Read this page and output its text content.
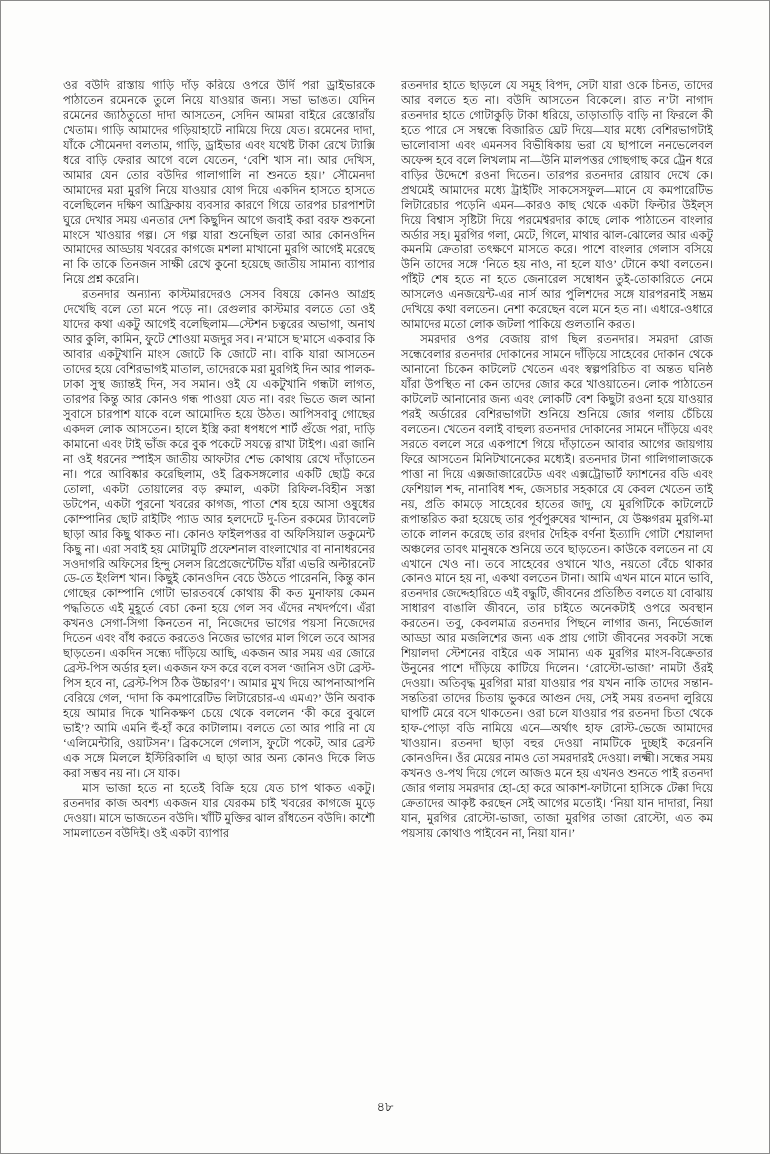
ওর বউদি রাস্তায় গাড়ি দাঁড় করিয়ে ওপরে উর্দি পরা ড্রাইভারকে পাঠাতেন রমেনকে তুলে নিয়ে যাওয়ার জন্য। সভা ভাঙত। যেদিন রমেনের জ্যাঠতুতো দাদা আসতেন, সেদিন আমরা বাইরে রেস্তোরাঁয় খেতাম। গাড়ি আমাদের গড়িয়াহাটে নামিয়ে দিয়ে যেত। রমেনের দাদা, যাঁকে সৌমেনদা বলতাম, গাড়ি, ড্রাইভার এবং যথেষ্ট টাকা রেখে ট্যাক্সি ধরে বাড়ি ফেরার আগে বলে যেতেন, ‘বেশি খাস না। আর দেখিস, আমার যেন তোর বউদির গালাগালি না শুনতে হয়।’ সৌমেনদা আমাদের মরা মুরগি নিয়ে যাওয়ার যোগ দিয়ে একদিন হাসতে হাসতে বলেছিলেন দক্ষিণ আফ্রিকায় ব্যবসার কারণে গিয়ে তারপর চারপাশটা ঘুরে দেখার সময় এনতার দেশ কিছুদিন আগে জবাই করা বরফ শুকনো মাংসে খাওয়ার গল্প। সে গল্প যারা শুনেছিল তারা আর কোনওদিন আমাদের আড্ডায় খবরের কাগজে মশলা মাখানো মুরগি আগেই মরেছে না কি তাকে তিনজন সাক্ষী রেখে কুনো হয়েছে জাতীয় সামান্য ব্যাপার নিয়ে প্রশ্ন করেনি।

রতনদার অন্যান্য কাস্টমারদেরও সেসব বিষয়ে কোনও আগ্রহ দেখেছি বলে তো মনে পড়ে না। রেগুলার কাস্টমার বলতে তো ওই যাদের কথা একটু আগেই বলেছিলাম—স্টেশন চত্বরের অভাগা, অনাথ আর কুলি, কামিন, ফুটে শোওয়া মজদুর সব। ন’মাসে ছ’মাসে একবার কি আবার একটুখানি মাংস জোটে কি জোটে না। বাকি যারা আসতেন তাদের হয়ে বেশিরভাগই মাতাল, তাদেরকে মরা মুরগিই দিন আর পালক-ঢাকা সুস্থ জ্যান্তই দিন, সব সমান। ওই যে একটুখানি গন্ধটা লাগত, তারপর কিন্তু আর কোনও গন্ধ পাওয়া যেত না। বরং ভিতে জল আনা সুবাসে চারপাশ যাকে বলে আমোদিত হয়ে উঠত। আপিসবাবু গোছের একদল লোক আসতেন। হালে ইস্ত্রি করা ধপধপে শার্ট গুঁজে পরা, দাড়ি কামানো এবং টাই ভাঁজ করে বুক পকেটে সযত্নে রাখা টাইপ। এরা জানি না ওই ধরনের স্পাইস জাতীয় আফটার শেভ কোথায় রেখে দাঁড়াতেন না। পরে আবিষ্কার করেছিলাম, ওই ব্রিকসঙ্গলোর একটি ছোট্ট করে তোলা, একটা তোয়ালের বড় রুমাল, একটা রিফিল-বিহীন সস্তা ডটপেন, একটা পুরনো খবরের কাগজ, পাতা শেষ হয়ে আসা ওষুধের কোম্পানির ছোট রাইটিং প্যাড আর হলদেটে দু-তিন রকমের ট্যাবলেট ছাড়া আর কিছু থাকত না। কোনও ফাইলপত্তর বা অফিসিয়াল ডকুমেন্ট কিছু না। এরা সবাই হয় মোটামুটি প্রফেশনাল বাংলাখোর বা নানাধরনের সওদাগরি অফিসের হিন্দু সেলস রিপ্রেজেন্টেটিভ যাঁরা এভরি অল্টারনেট ডে-তে ইংলিশ খান। কিছুই কোনওদিন বেচে উঠতে পারেননি, কিন্তু কান গোছের কোম্পানি গোটা ভারতবর্ষে কোথায় কী কত মুনাফায় কেমন পদ্ধতিতে এই মুহূর্তে বেচা কেনা হয়ে গেল সব এঁদের নখদর্পণে। এঁরা কখনও সেগা-সিগা কিনতেন না, নিজেদের ভাগের পয়সা নিজেদের দিতেন এবং বাঁধ করতে করতেও নিজের ভাগের মাল গিলে তবে আসর ছাড়তেন। একদিন সন্ধ্যে দাঁড়িয়ে আছি, একজন আর সময় এর জোরে ব্রেস্ট-পিস অর্ডার হল। একজন ফস করে বলে বসল ‘জানিস ওটা ব্রেস্ট-পিস হবে না, ব্রেস্ট-পিস ঠিক উচ্চারণ’। আমার মুখ দিয়ে আপনাআপনি বেরিয়ে গেল, ‘দাদা কি কমপারেটিভ লিটারেচার-এ এমএ?’ উনি অবাক হয়ে আমার দিকে খানিকক্ষণ চেয়ে থেকে বললেন ‘কী করে বুঝলে ভাই’? আমি এমনি হুঁ-হাঁ করে কাটালাম। বলতে তো আর পারি না যে ‘এলিমেন্টারি, ওয়াটসন’। ব্রিকসেলে গেলাস, ফুটো পকেট, আর ব্রেস্ট এক সঙ্গে মিললে ইস্টিরিকালি এ ছাড়া আর অন্য কোনও দিকে লিড করা সম্ভব নয় না। সে যাক।

মাস ভাজা হতে না হতেই বিক্রি হয়ে যেত চাপ থাকত একটু। রতনদার কাজ অবশ্য একজন যার যেরকম চাই খবরের কাগজে মুড়ে দেওয়া। মাসে ভাজতেন বউদি। খাঁটি মুক্তির ঝাল রাঁধতেন বউদি। কাশৌ সামলাতেন বউদিই। ওই একটা ব্যাপার

রতনদার হাতে ছাড়লে যে সমূহ বিপদ, সেটা যারা ওকে চিনত, তাদের আর বলতে হত না। বউদি আসতেন বিকেলে। রাত ন’টা নাগাদ রতনদার হাতে গোটাকুড়ি টাকা ধরিয়ে, তাড়াতাড়ি বাড়ি না ফিরলে কী হতে পারে সে সম্বন্ধে বিজারিত ঘ্রেট দিয়ে—যার মধ্যে বেশিরভাগটাই ভালোবাসা এবং এমনসব বিভীষিকায় ভরা যে ছাপালে ননভেলেবল অফেন্স হবে বলে লিখলাম না—উনি মালপত্তর গোছগাছ করে ট্রেন ধরে বাড়ির উদ্দেশে রওনা দিতেন। তারপর রতনদার রোয়াব দেখে কে। প্রথমেই আমাদের মধ্যে ট্রাইটিং সাকসেসফুল—মানে যে কমপারেটিভ লিটারেচার পড়েনি এমন—কারও কাছ থেকে একটা ফিল্টার উইল্স দিয়ে বিশ্বাস সৃষ্টিটা দিয়ে পরমেশ্বরদার কাছে লোক পাঠাতেন বাংলার অর্ডার সহ। মুরগির গলা, মেটে, গিলে, মাথার ঝাল-ঝোলের আর একটু কমনমি ক্রেতারা তৎক্ষণে মাসতে করে। পাশে বাংলার গেলাস বসিয়ে উনি তাদের সঙ্গে ‘নিতে হয় নাও, না হলে যাও’ টোনে কথা বলতেন। পাঁইট শেষ হতে না হতে জেনারেল সম্বোধন তুই-তোকারিতে নেমে আসলেও এনজয়েন্ট-এর নার্স আর পুলিশদের সঙ্গে যারপরনাই সম্ভ্রম দেখিয়ে কথা বলতেন। নেশা করেছেন বলে মনে হত না। এধারে-ওধারে আমাদের মতো লোক জটলা পাকিয়ে গুলতানি করত।

সমরদার ওপর বেজায় রাগ ছিল রতনদার। সমরদা রোজ সন্ধেবেলার রতনদার দোকানের সামনে দাঁড়িয়ে সাহেবের দোকান থেকে আনানো চিকেন কাটলেট খেতেন এবং স্বল্পপরিচিত বা অন্তত ঘনিষ্ঠ যাঁরা উপস্থিত না কেন তাদের জোর করে খাওয়াতেন। লোক পাঠাতেন কাটলেট আনানোর জন্য এবং লোকটি বেশ কিছুটা রওনা হয়ে যাওয়ার পরই অর্ডারের বেশিরভাগটা শুনিয়ে শুনিয়ে জোর গলায় চেঁচিয়ে বলতেন। খেতেন বলাই বাহুল্য রতনদার দোকানের সামনে দাঁড়িয়ে এবং সরতে বললে সরে একপাশে গিয়ে দাঁড়াতেন আবার আগের জায়গায় ফিরে আসতেন মিনিটখানেকের মধ্যেই। রতনদার টানা গালিগালাজকে পাত্তা না দিয়ে এক্সজাজারেটেড এবং এক্সট্রোভার্ট ফ্যাশনের বডি এবং ফেশিয়াল শব্দ, নানাবিধ শব্দ, জেসচার সহকারে যে কেবল খেতেন তাই নয়, প্রতি কামড়ে সাহেবের হাতের জাদু, যে মুরগিটিকে কাটলেটে রূপান্তরিত করা হয়েছে তার পূর্বপুরুষের খান্দান, যে উষ্ণগরম মুরগি-মা তাকে লালন করেছে তার রংদার দৈহিক বর্ণনা ইত্যাদি গোটা শেয়ালদা অঞ্চলের তাবৎ মানুষকে শুনিয়ে তবে ছাড়তেন। কাউকে বলতেন না যে এখানে খেও না। তবে সাহেবের ওখানে খাও, নয়তো বেঁচে থাকার কোনও মানে হয় না, একথা বলতেন টানা। আমি এখন মানে মানে ভাবি, রতনদার জেদ্দেহারিতে এই বদ্ধুটি, জীবনের প্রতিষ্ঠিত বলতে যা বোঝায় সাধারণ বাঙালি জীবনে, তার চাইতে অনেকটাই ওপরে অবস্থান করতেন। তবু, কেবলমাত্র রতনদার পিছনে লাগার জন্য, নির্ভেজাল আড্ডা আর মজলিশের জন্য এক প্রায় গোটা জীবনের সবকটা সন্ধে শিয়ালদা স্টেশনের বাইরে এক সামান্য এক মুরগির মাংস-বিক্রেতার উনুনের পাশে দাঁড়িয়ে কাটিয়ে দিলেন। ‘রোস্টো-ভাজা’ নামটা ওঁরই দেওয়া। অতিবৃদ্ধ মুরগিরা মারা যাওয়ার পর যখন নাকি তাদের সন্তান-সন্ততিরা তাদের চিতায় ভুকরে আগুন দেয়, সেই সময় রতনদা লুরিয়ে ঘাপটি মেরে বসে থাকতেন। ওরা চলে যাওয়ার পর রতনদা চিতা থেকে হাফ-পোড়া বডি নামিয়ে এনে—অর্থাৎ হাফ রোস্ট-ভেজে আমাদের খাওয়ান। রতনদা ছাড়া বহুর দেওয়া নামটিকে দুচ্ছাই করেননি কোনওদিন। ওঁর মেয়ের নামও তো সমরদারই দেওয়া। লক্ষ্মী। সন্ধের সময় কখনও ও-পথ দিয়ে গেলে আজও মনে হয় এখনও শুনতে পাই রতনদা জোর গলায় সমরদার হো-হো করে আকাশ-ফাটানো হাসিকে টেক্কা দিয়ে ক্রেতাদের আকৃষ্ট করছেন সেই আগের মতোই। ‘নিয়া যান দাদারা, নিয়া যান, মুরগির রোস্টো-ভাজা, তাজা মুরগির তাজা রোস্টো, এত কম পয়সায় কোথাও পাইবেন না, নিয়া যান।’

৪৮
